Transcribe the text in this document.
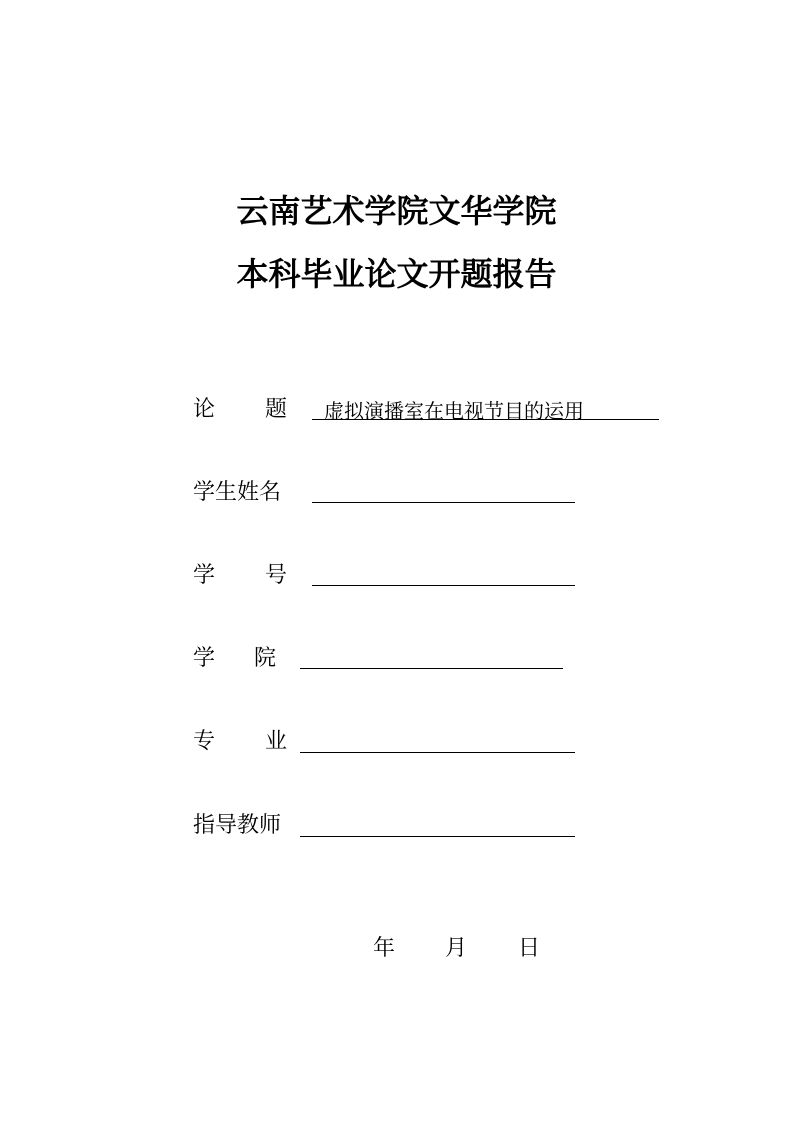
云南艺术学院文华学院
本科毕业论文开题报告
论 题 虚拟演播室在电视节目的运用
学生姓名
学 号
学 院
专 业
指导教师
年 月 日
